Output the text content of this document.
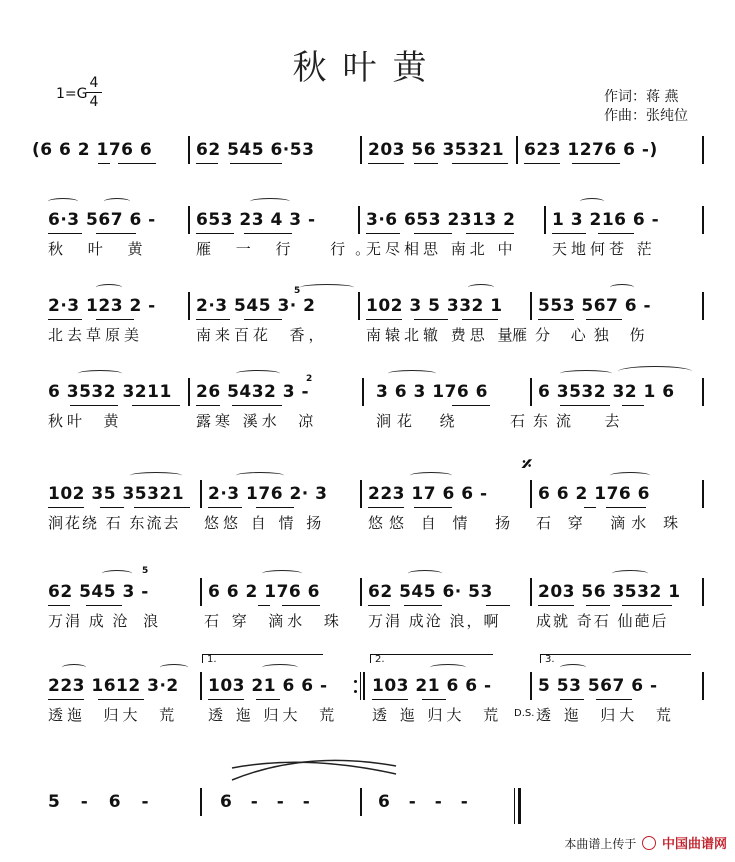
秋叶黄
1=G
4
4	作词：蒋 燕
作曲：张纯位
(6 6 2 176 6	62 545 6·53	203 56 35321 623 1276 6 -)
6·3 567 6 - 653 23 4 3 -	3·6 653 2313 2 1 3 216 6 -
秋 叶 黄	雁 一 行  行。
无尽相思 南北 中 天地何苍 茫
5
2·3 123 2 - 2·3 545 3· 2	102 3 5 332 1 553 567 6 -
北去草原美	南来百花  香，	南辕北辙 费思 量
雁分 心独 伤
2
6 3532 3211 26 5432 3 -	3 6 3 176 6	6 3532 32 1 6
秋叶  黄	露寒 溪水  凉	涧花  绕	石东流  去
𝄎
102 35 35321 2·3 176 2· 3 223 17 6 6 -	6 6 2 176 6
涧花绕 石 东流去 悠悠 自 情 扬	悠悠 自 情  扬 石 穿  滴水 珠
5
62 545 3 -	6 6 2 176 6	62 545 6· 53	203 56 3532 1
万涓 成 沧  浪	石 穿  滴水  珠 万涓 成沧 浪，啊 成就 奇石 仙葩后
1.	2.	3.
223 1612 3·2 103 21 6 6 -	103 21 6 6 -	5 53 567 6 -
透迤  归大  荒 透 迤 归大  荒 透 迤 归大  荒 D.S. 透 迤  归大  荒
5 - 6 -	6 - - -	6 - - -
本曲谱上传于 中国曲谱网
